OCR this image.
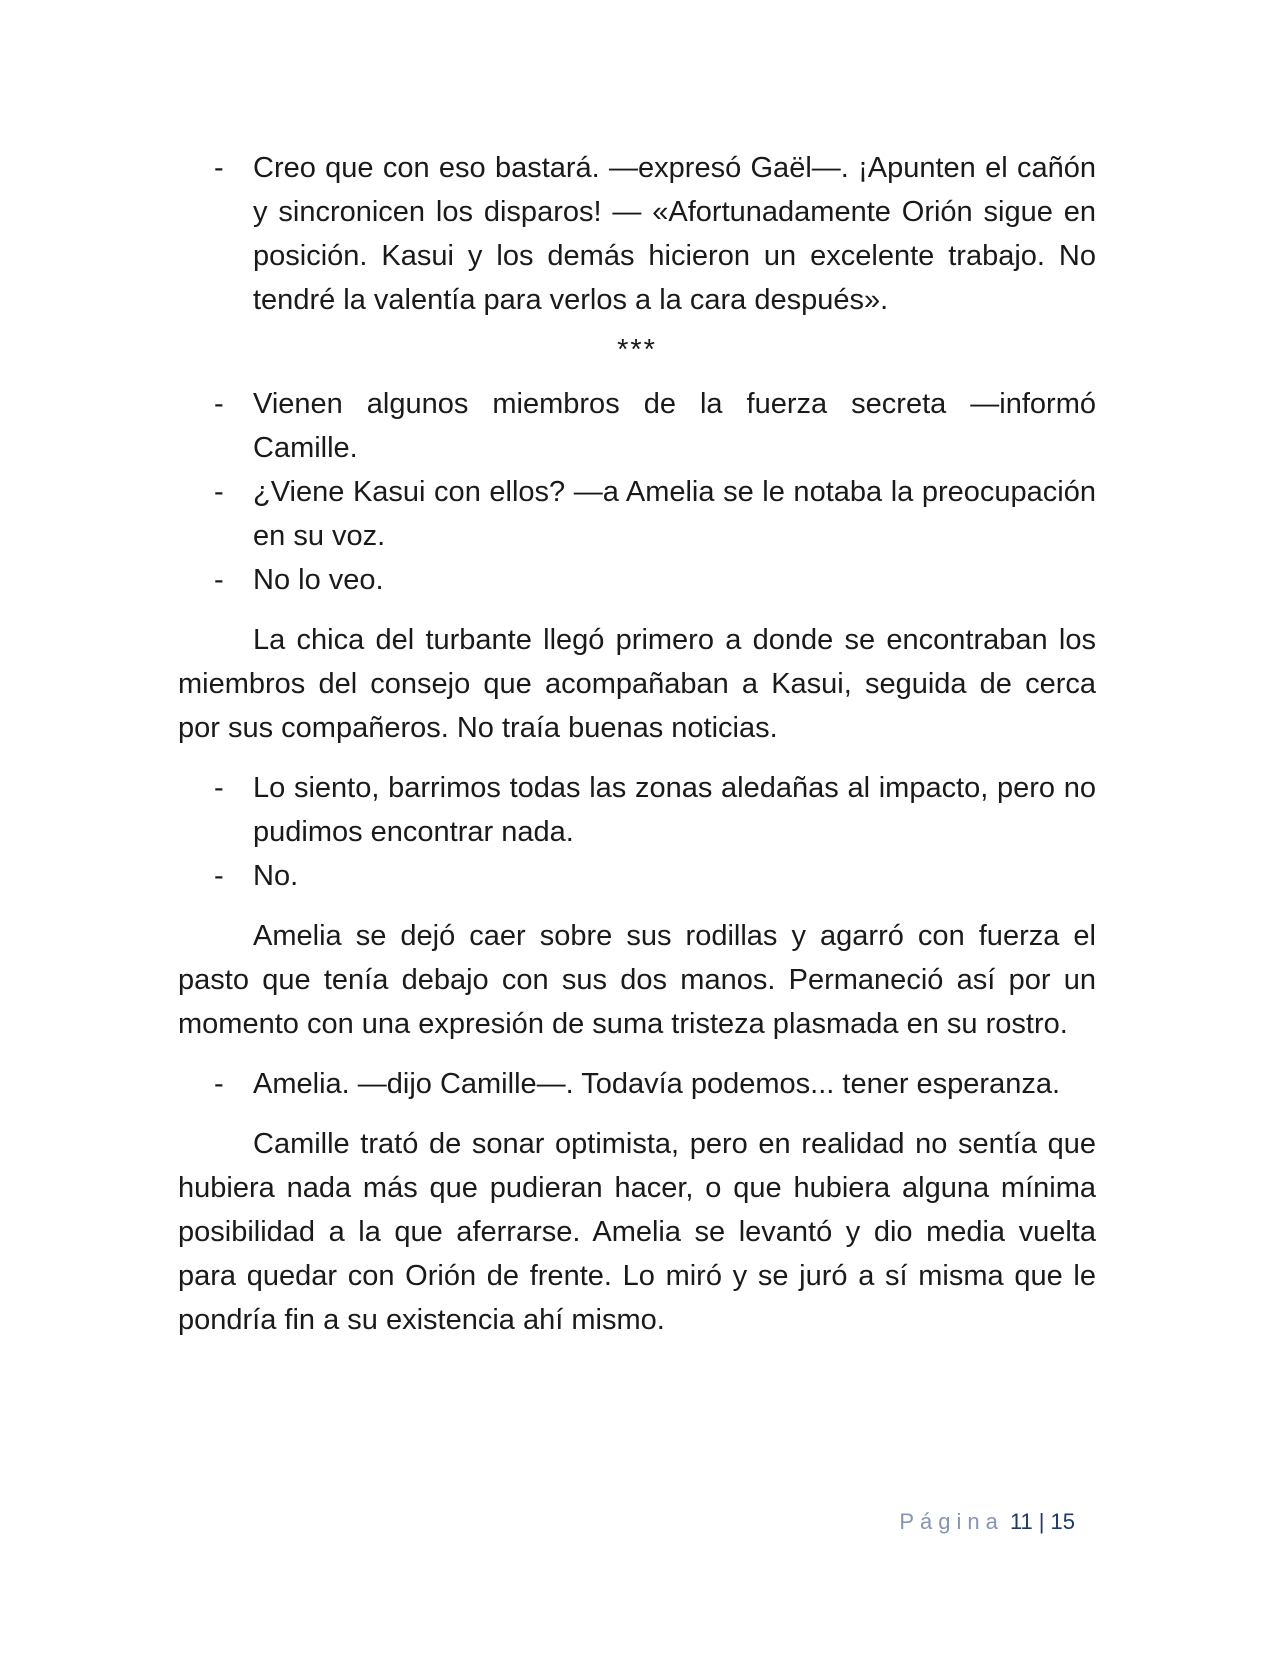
- Creo que con eso bastará. —expresó Gaël—. ¡Apunten el cañón y sincronicen los disparos! — «Afortunadamente Orión sigue en posición. Kasui y los demás hicieron un excelente trabajo. No tendré la valentía para verlos a la cara después».

***

- Vienen algunos miembros de la fuerza secreta —informó Camille.
- ¿Viene Kasui con ellos? —a Amelia se le notaba la preocupación en su voz.
- No lo veo.

La chica del turbante llegó primero a donde se encontraban los miembros del consejo que acompañaban a Kasui, seguida de cerca por sus compañeros. No traía buenas noticias.

- Lo siento, barrimos todas las zonas aledañas al impacto, pero no pudimos encontrar nada.
- No.

Amelia se dejó caer sobre sus rodillas y agarró con fuerza el pasto que tenía debajo con sus dos manos. Permaneció así por un momento con una expresión de suma tristeza plasmada en su rostro.

- Amelia. —dijo Camille—. Todavía podemos... tener esperanza.

Camille trató de sonar optimista, pero en realidad no sentía que hubiera nada más que pudieran hacer, o que hubiera alguna mínima posibilidad a la que aferrarse. Amelia se levantó y dio media vuelta para quedar con Orión de frente. Lo miró y se juró a sí misma que le pondría fin a su existencia ahí mismo.

Página 11 | 15
